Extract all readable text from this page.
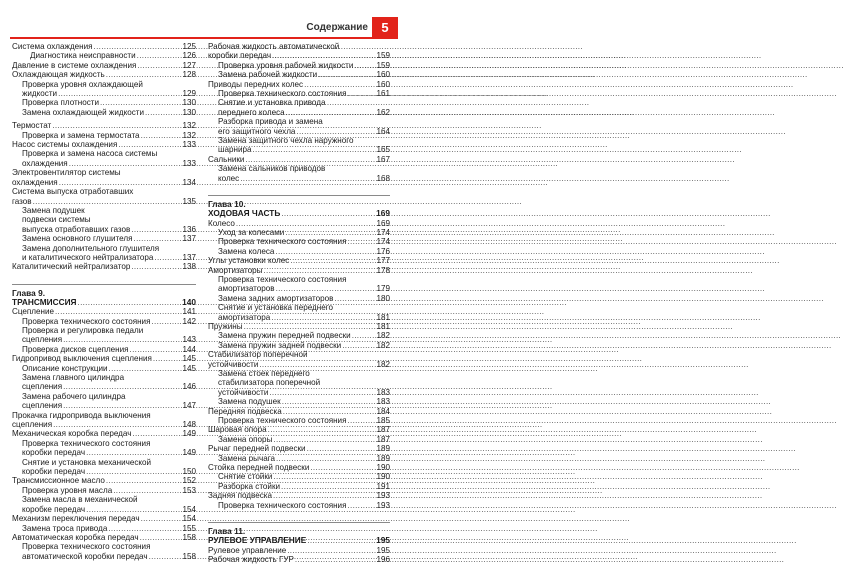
Содержание	5
Система охлаждения .....	125
Диагностика неисправности .....	126
Давление в системе охлаждения .....	127
Охлаждающая жидкость .....	128
Проверка уровня охлаждающей
жидкости .....	129
Проверка плотности .....	130
Замена охлаждающей жидкости .....	130
Термостат .....	132
Проверка и замена термостата .....	132
Насос системы охлаждения .....	133
Проверка и замена насоса системы
охлаждения .....	133
Электровентилятор системы
охлаждения .....	134
Система выпуска отработавших
газов .....	135
Замена подушек
подвески системы
выпуска отработавших газов .....	136
Замена основного глушителя .....	137
Замена дополнительного глушителя
и каталитического нейтрализатора .....	137
Каталитический нейтрализатор .....	138
Глава 9.
ТРАНСМИССИЯ .....	140
Сцепление .....	141
Проверка технического состояния .....	142
Проверка и регулировка педали
сцепления .....	143
Проверка дисков сцепления .....	144
Гидропривод выключения сцепления .....	145
Описание конструкции .....	145
Замена главного цилиндра
сцепления .....	146
Замена рабочего цилиндра
сцепления .....	147
Прокачка гидропривода выключения
сцепления .....	148
Механическая коробка передач .....	149
Проверка технического состояния
коробки передач .....	149
Снятие и установка механической
коробки передач .....	150
Трансмиссионное масло .....	152
Проверка уровня масла .....	153
Замена масла в механической
коробке передач .....	154
Механизм переключения передач .....	154
Замена троса привода .....	155
Автоматическая коробка передач .....	158
Проверка технического состояния
автоматической коробки передач .....	158
Рабочая жидкость автоматической
коробки передач .....	159
Проверка уровня рабочей жидкости .....	159
Замена рабочей жидкости .....	160
Приводы передних колес .....	160
Проверка технического состояния .....	161
Снятие и установка привода
переднего колеса .....	162
Разборка привода и замена
его защитного чехла .....	164
Замена защитного чехла наружного
шарнира .....	165
Сальники .....	167
Замена сальников приводов
колес .....	168
Глава 10.
ХОДОВАЯ ЧАСТЬ .....	169
Колесо .....	169
Уход за колесами .....	174
Проверка технического состояния .....	174
Замена колеса .....	176
Углы установки колес .....	177
Амортизаторы .....	178
Проверка технического состояния
амортизаторов .....	179
Замена задних амортизаторов .....	180
Снятие и установка переднего
амортизатора .....	181
Пружины .....	181
Замена пружин передней подвески .....	182
Замена пружин задней подвески .....	182
Стабилизатор поперечной
устойчивости .....	182
Замена стоек переднего
стабилизатора поперечной
устойчивости .....	183
Замена подушек .....	183
Передняя подвеска .....	184
Проверка технического состояния .....	185
Шаровая опора .....	187
Замена опоры .....	187
Рычаг передней подвески .....	189
Замена рычага .....	189
Стойка передней подвески .....	190
Снятие стойки .....	190
Разборка стойки .....	191
Задняя подвеска .....	193
Проверка технического состояния .....	193
Глава 11.
РУЛЕВОЕ УПРАВЛЕНИЕ .....	195
Рулевое управление .....	195
Рабочая жидкость ГУР .....	196
